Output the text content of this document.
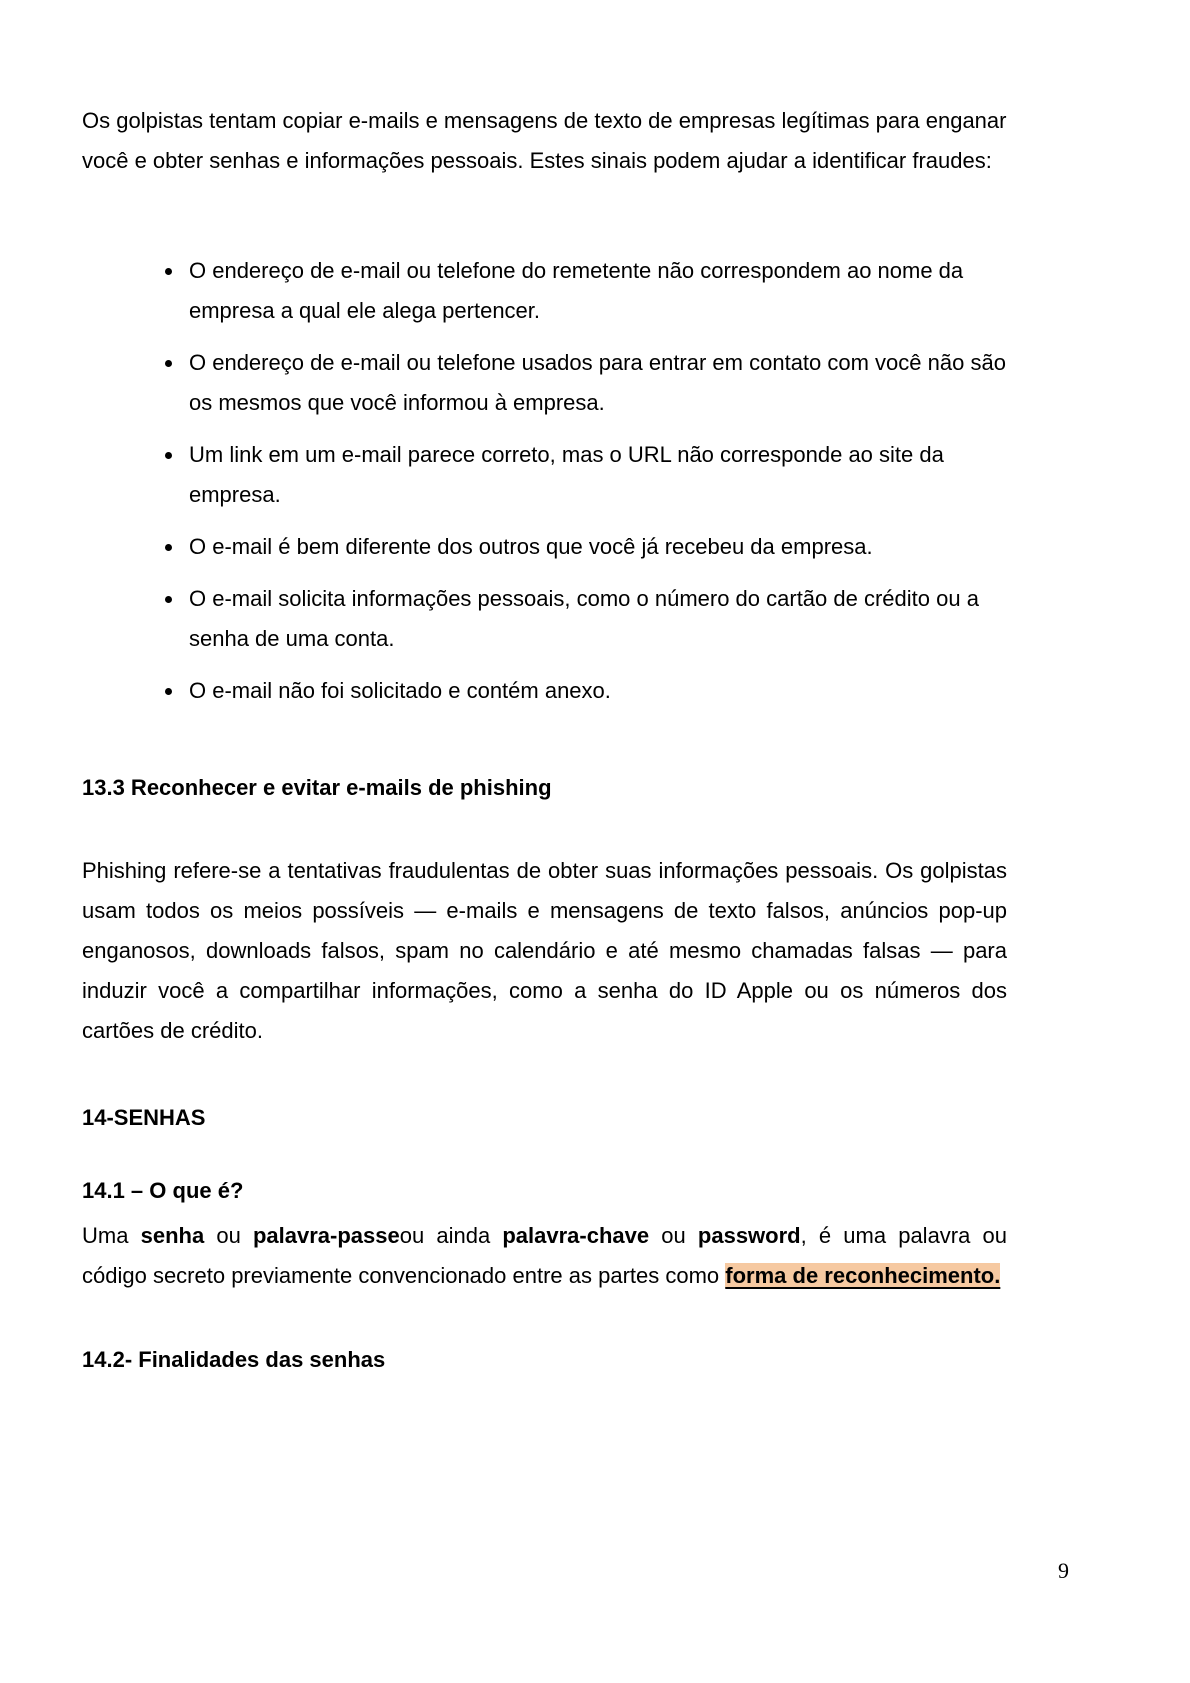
Os golpistas tentam copiar e-mails e mensagens de texto de empresas legítimas para enganar você e obter senhas e informações pessoais. Estes sinais podem ajudar a identificar fraudes:

• O endereço de e-mail ou telefone do remetente não correspondem ao nome da empresa a qual ele alega pertencer.
• O endereço de e-mail ou telefone usados para entrar em contato com você não são os mesmos que você informou à empresa.
• Um link em um e-mail parece correto, mas o URL não corresponde ao site da empresa.
• O e-mail é bem diferente dos outros que você já recebeu da empresa.
• O e-mail solicita informações pessoais, como o número do cartão de crédito ou a senha de uma conta.
• O e-mail não foi solicitado e contém anexo.
13.3 Reconhecer e evitar e-mails de phishing

Phishing refere-se a tentativas fraudulentas de obter suas informações pessoais. Os golpistas usam todos os meios possíveis — e-mails e mensagens de texto falsos, anúncios pop-up enganosos, downloads falsos, spam no calendário e até mesmo chamadas falsas — para induzir você a compartilhar informações, como a senha do ID Apple ou os números dos cartões de crédito.

14-SENHAS
14.1 – O que é?

Uma senha ou palavra-passeou ainda palavra-chave ou password, é uma palavra ou código secreto previamente convencionado entre as partes como forma de reconhecimento.

14.2- Finalidades das senhas
9
